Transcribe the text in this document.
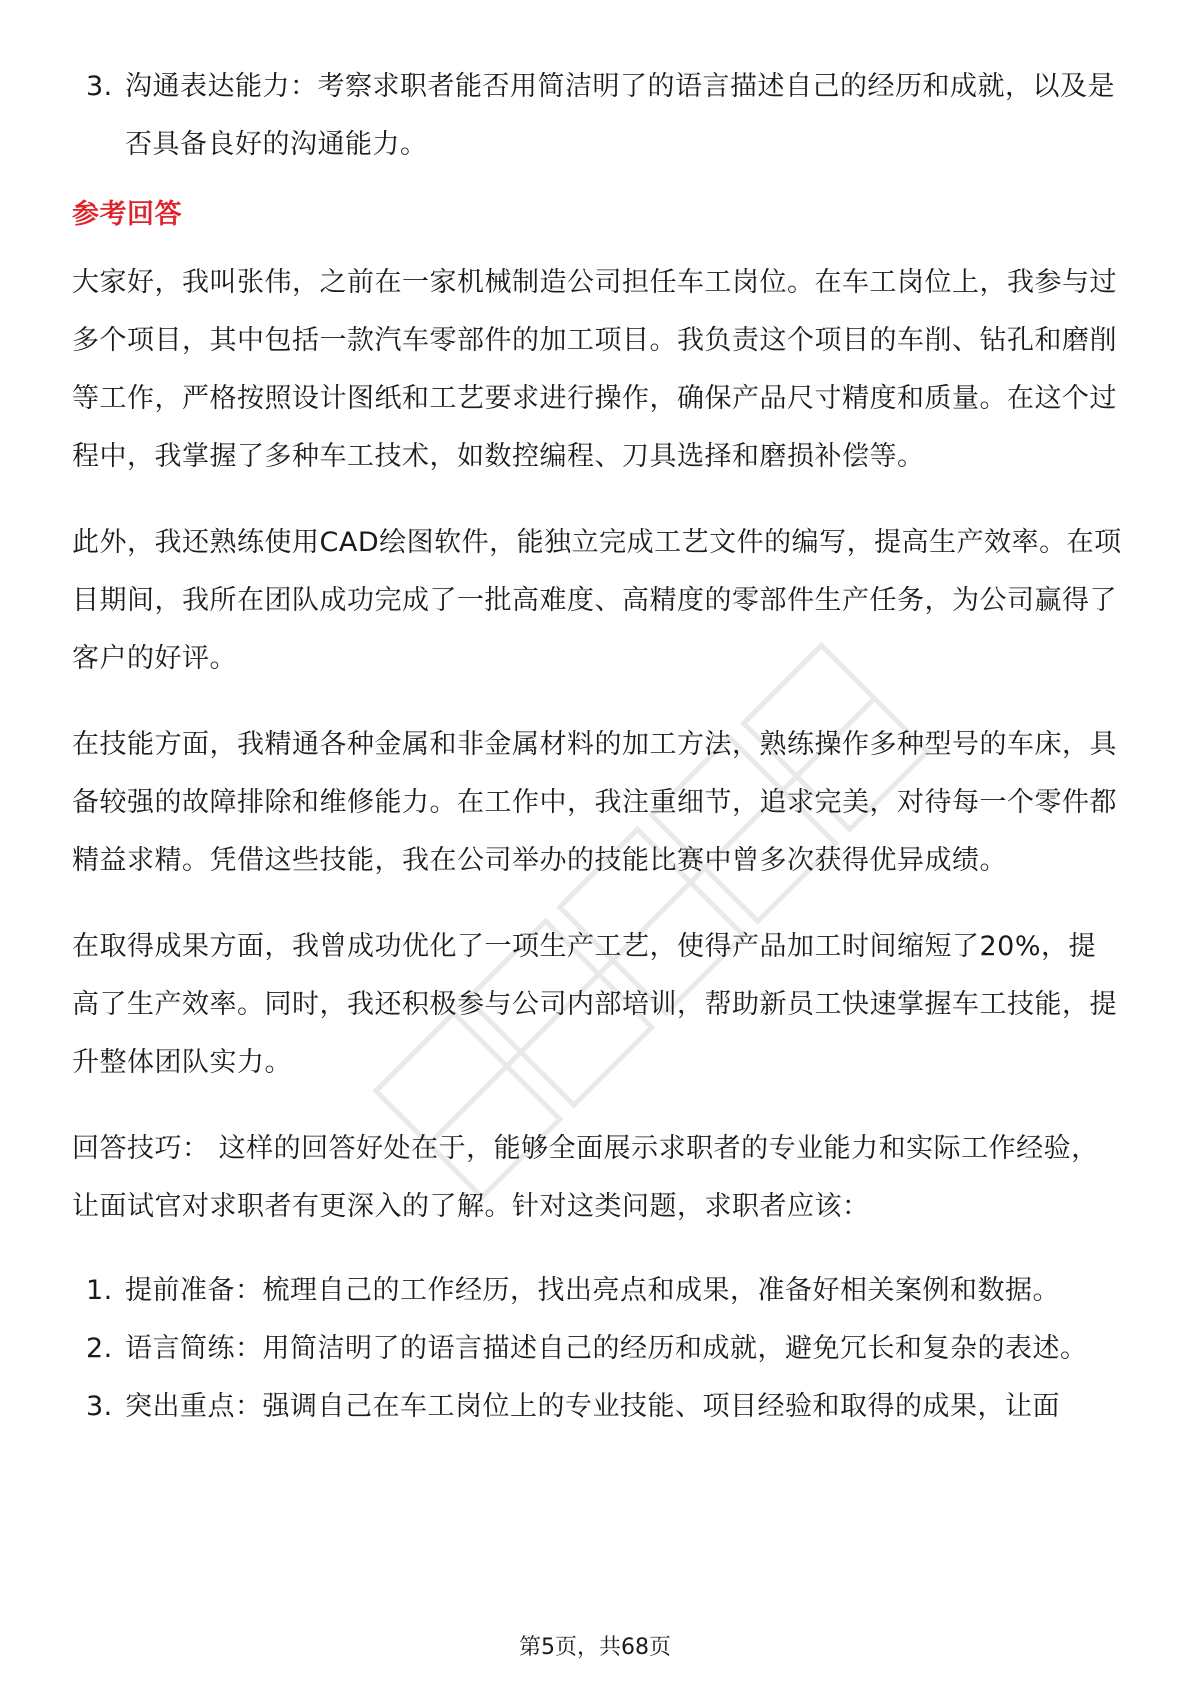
3. 沟通表达能力：考察求职者能否用简洁明了的语言描述自己的经历和成就，以及是否具备良好的沟通能力。
参考回答

大家好，我叫张伟，之前在一家机械制造公司担任车工岗位。在车工岗位上，我参与过多个项目，其中包括一款汽车零部件的加工项目。我负责这个项目的车削、钻孔和磨削等工作，严格按照设计图纸和工艺要求进行操作，确保产品尺寸精度和质量。在这个过程中，我掌握了多种车工技术，如数控编程、刀具选择和磨损补偿等。

此外，我还熟练使用CAD绘图软件，能独立完成工艺文件的编写，提高生产效率。在项目期间，我所在团队成功完成了一批高难度、高精度的零部件生产任务，为公司赢得了客户的好评。

在技能方面，我精通各种金属和非金属材料的加工方法，熟练操作多种型号的车床，具备较强的故障排除和维修能力。在工作中，我注重细节，追求完美，对待每一个零件都精益求精。凭借这些技能，我在公司举办的技能比赛中曾多次获得优异成绩。

在取得成果方面，我曾成功优化了一项生产工艺，使得产品加工时间缩短了20%，提高了生产效率。同时，我还积极参与公司内部培训，帮助新员工快速掌握车工技能，提升整体团队实力。

回答技巧： 这样的回答好处在于，能够全面展示求职者的专业能力和实际工作经验，让面试官对求职者有更深入的了解。针对这类问题，求职者应该：

1. 提前准备：梳理自己的工作经历，找出亮点和成果，准备好相关案例和数据。
2. 语言简练：用简洁明了的语言描述自己的经历和成就，避免冗长和复杂的表述。
3. 突出重点：强调自己在车工岗位上的专业技能、项目经验和取得的成果，让面
第5页，共68页
